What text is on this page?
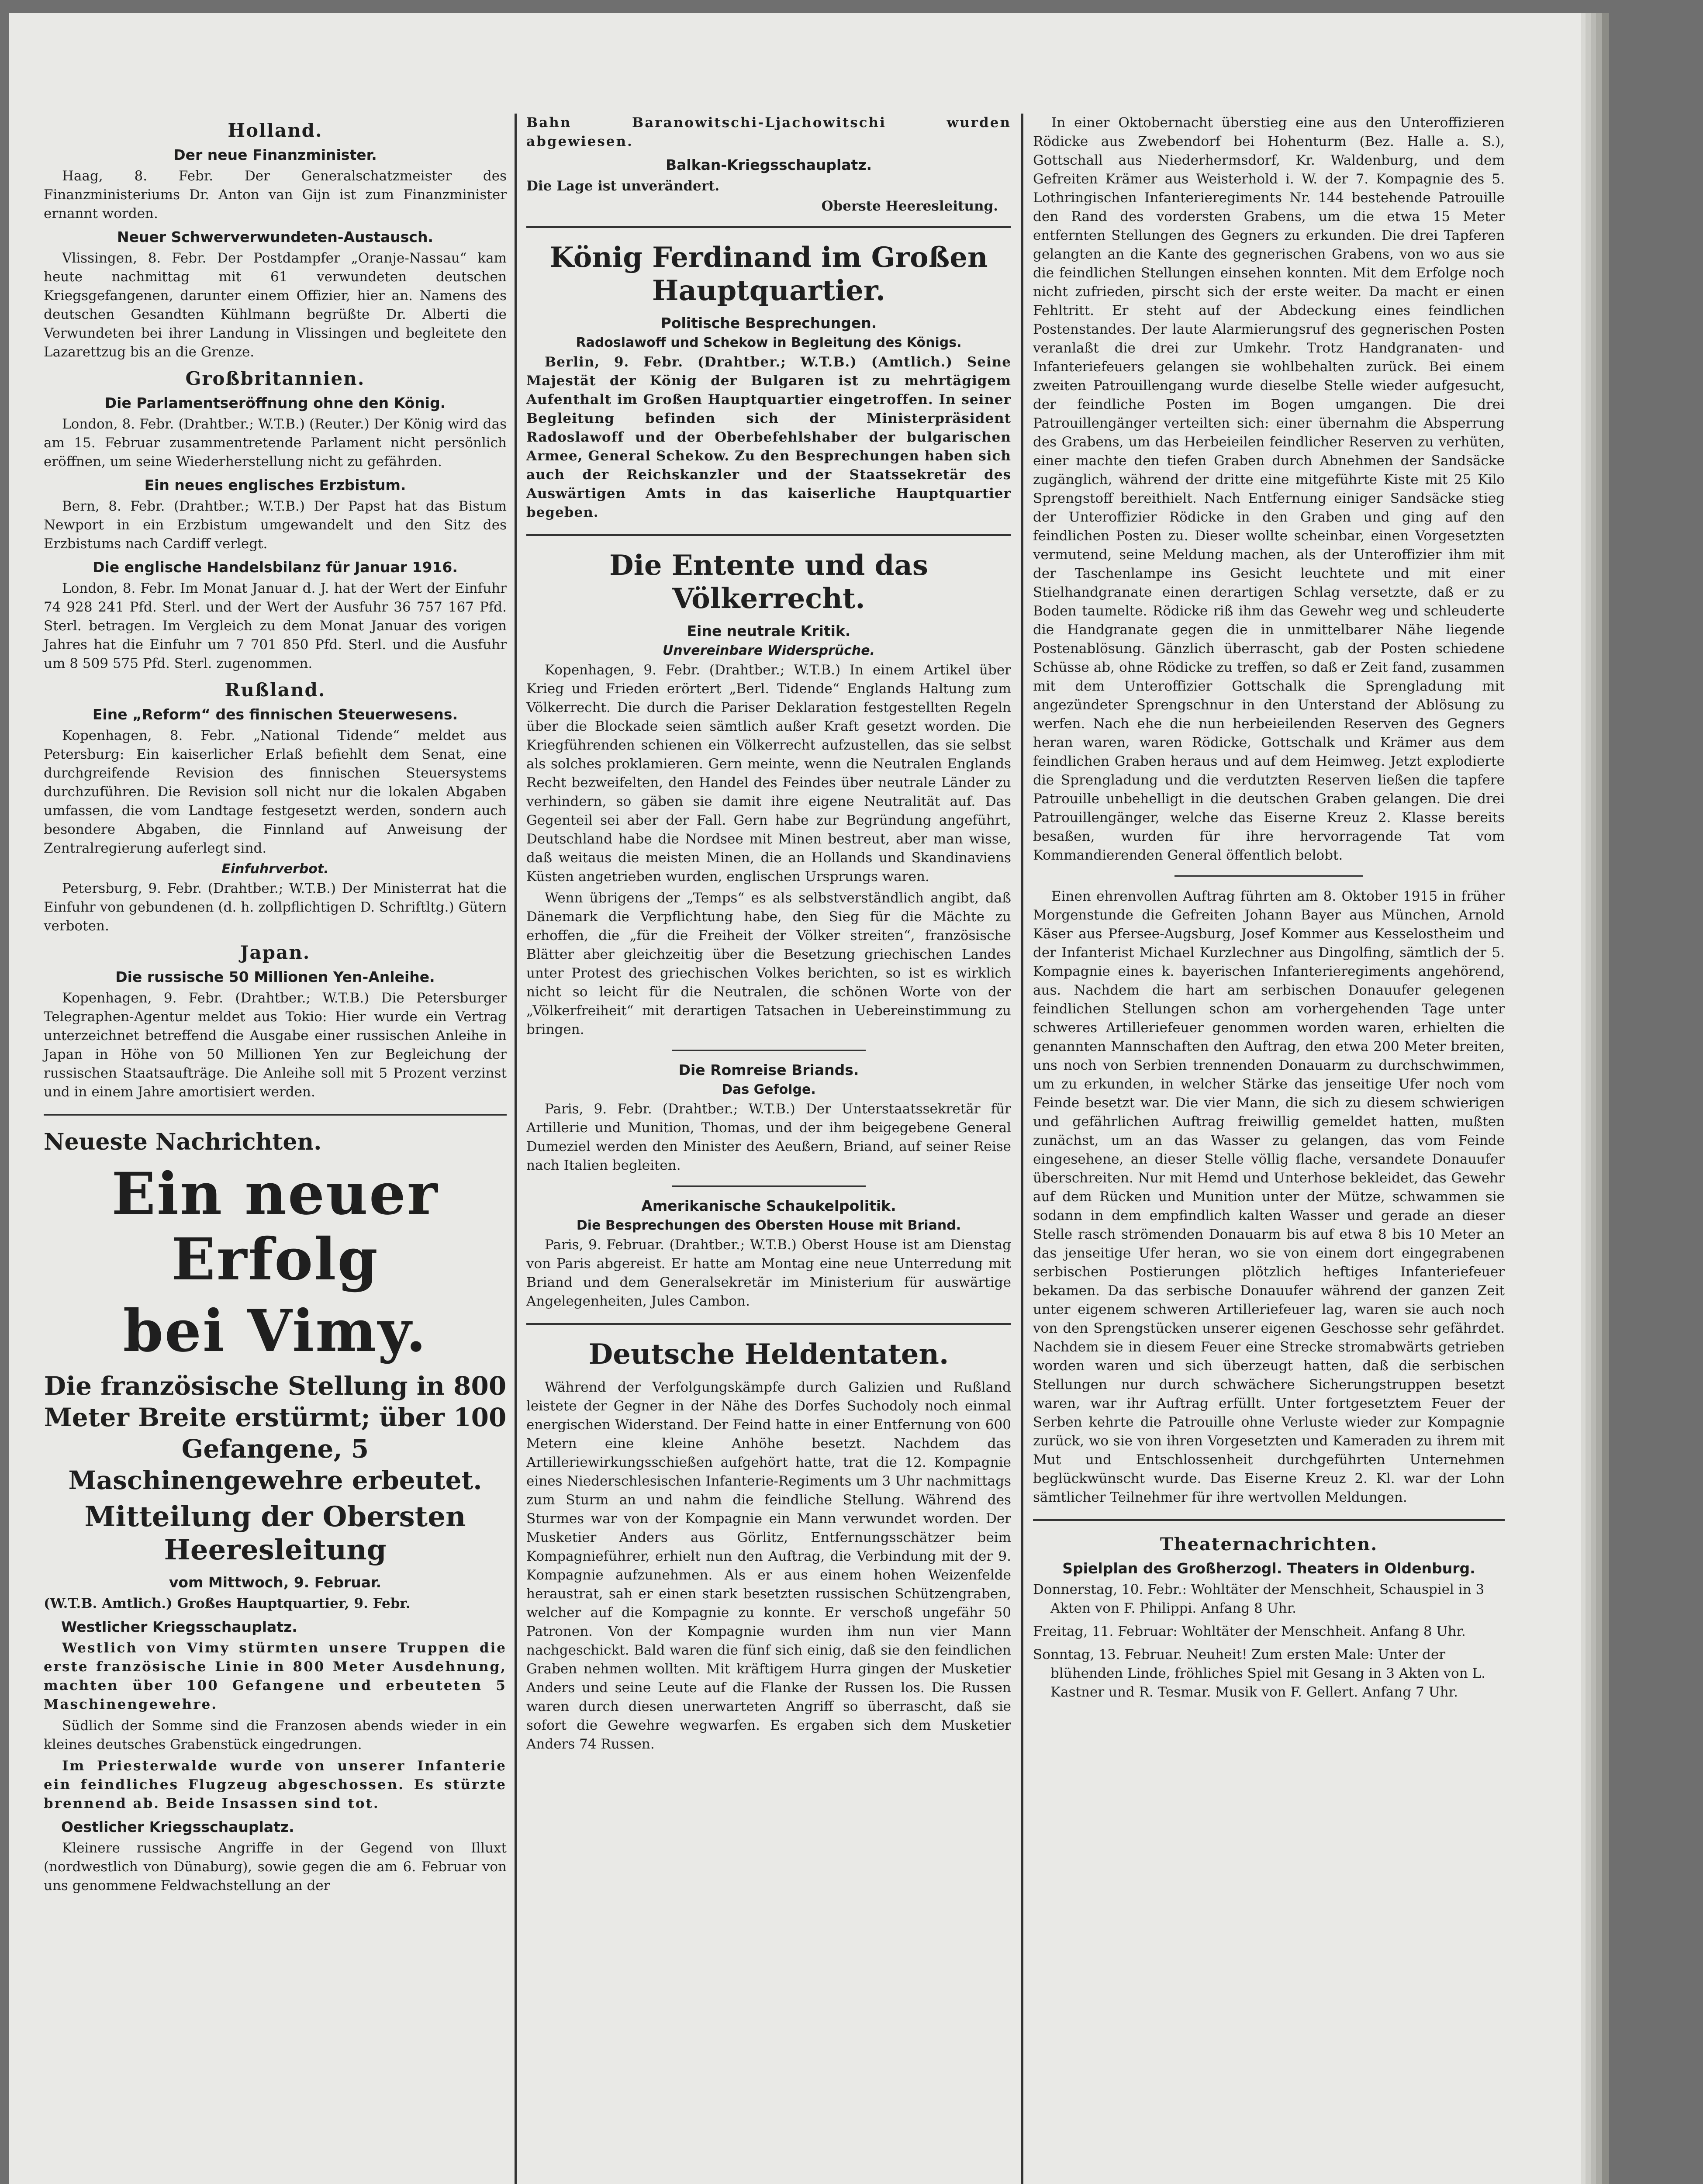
Holland.
Der neue Finanzminister.

Haag, 8. Febr. Der Generalschatzmeister des Finanzministeriums Dr. Anton van Gijn ist zum Finanzminister ernannt worden.

Neuer Schwerverwundeten-Austausch.

Vlissingen, 8. Febr. Der Postdampfer „Oranje-Nassau“ kam heute nachmittag mit 61 verwundeten deutschen Kriegsgefangenen, darunter einem Offizier, hier an. Namens des deutschen Gesandten Kühlmann begrüßte Dr. Alberti die Verwundeten bei ihrer Landung in Vlissingen und begleitete den Lazarettzug bis an die Grenze.

Großbritannien.
Die Parlamentseröffnung ohne den König.

London, 8. Febr. (Drahtber.; W.T.B.) (Reuter.) Der König wird das am 15. Februar zusammentretende Parlament nicht persönlich eröffnen, um seine Wiederherstellung nicht zu gefährden.

Ein neues englisches Erzbistum.

Bern, 8. Febr. (Drahtber.; W.T.B.) Der Papst hat das Bistum Newport in ein Erzbistum umgewandelt und den Sitz des Erzbistums nach Cardiff verlegt.

Die englische Handelsbilanz für Januar 1916.

London, 8. Febr. Im Monat Januar d. J. hat der Wert der Einfuhr 74 928 241 Pfd. Sterl. und der Wert der Ausfuhr 36 757 167 Pfd. Sterl. betragen. Im Vergleich zu dem Monat Januar des vorigen Jahres hat die Einfuhr um 7 701 850 Pfd. Sterl. und die Ausfuhr um 8 509 575 Pfd. Sterl. zugenommen.

Rußland.
Eine „Reform“ des finnischen Steuerwesens.

Kopenhagen, 8. Febr. „National Tidende“ meldet aus Petersburg: Ein kaiserlicher Erlaß befiehlt dem Senat, eine durchgreifende Revision des finnischen Steuersystems durchzuführen. Die Revision soll nicht nur die lokalen Abgaben umfassen, die vom Landtage festgesetzt werden, sondern auch besondere Abgaben, die Finnland auf Anweisung der Zentralregierung auferlegt sind.

Einfuhrverbot.

Petersburg, 9. Febr. (Drahtber.; W.T.B.) Der Ministerrat hat die Einfuhr von gebundenen (d. h. zollpflichtigen D. Schriftltg.) Gütern verboten.

Japan.
Die russische 50 Millionen Yen-Anleihe.

Kopenhagen, 9. Febr. (Drahtber.; W.T.B.) Die Petersburger Telegraphen-Agentur meldet aus Tokio: Hier wurde ein Vertrag unterzeichnet betreffend die Ausgabe einer russischen Anleihe in Japan in Höhe von 50 Millionen Yen zur Begleichung der russischen Staatsaufträge. Die Anleihe soll mit 5 Prozent verzinst und in einem Jahre amortisiert werden.

Neueste Nachrichten.
Ein neuer Erfolg
bei Vimy.
Die französische Stellung in 800 Meter Breite erstürmt; über 100 Gefangene, 5 Maschinengewehre erbeutet.
Mitteilung der Obersten Heeresleitung
vom Mittwoch, 9. Februar.

(W.T.B. Amtlich.) Großes Hauptquartier, 9. Febr.

Westlicher Kriegsschauplatz.

Westlich von Vimy stürmten unsere Truppen die erste französische Linie in 800 Meter Ausdehnung, machten über 100 Gefangene und erbeuteten 5 Maschinengewehre.

Südlich der Somme sind die Franzosen abends wieder in ein kleines deutsches Grabenstück eingedrungen.

Im Priesterwalde wurde von unserer Infanterie ein feindliches Flugzeug abgeschossen. Es stürzte brennend ab. Beide Insassen sind tot.

Oestlicher Kriegsschauplatz.

Kleinere russische Angriffe in der Gegend von Illuxt (nordwestlich von Dünaburg), sowie gegen die am 6. Februar von uns genommene Feldwachstellung an der

Bahn Baranowitschi-Ljachowitschi wurden abgewiesen.

Balkan-Kriegsschauplatz.

Die Lage ist unverändert.

Oberste Heeresleitung.
König Ferdinand im Großen Hauptquartier.
Politische Besprechungen.
Radoslawoff und Schekow in Begleitung des Königs.

Berlin, 9. Febr. (Drahtber.; W.T.B.) (Amtlich.) Seine Majestät der König der Bulgaren ist zu mehrtägigem Aufenthalt im Großen Hauptquartier eingetroffen. In seiner Begleitung befinden sich der Ministerpräsident Radoslawoff und der Oberbefehlshaber der bulgarischen Armee, General Schekow. Zu den Besprechungen haben sich auch der Reichskanzler und der Staatssekretär des Auswärtigen Amts in das kaiserliche Hauptquartier begeben.

Die Entente und das Völkerrecht.
Eine neutrale Kritik.
Unvereinbare Widersprüche.

Kopenhagen, 9. Febr. (Drahtber.; W.T.B.) In einem Artikel über Krieg und Frieden erörtert „Berl. Tidende“ Englands Haltung zum Völkerrecht. Die durch die Pariser Deklaration festgestellten Regeln über die Blockade seien sämtlich außer Kraft gesetzt worden. Die Kriegführenden schienen ein Völkerrecht aufzustellen, das sie selbst als solches proklamieren. Gern meinte, wenn die Neutralen Englands Recht bezweifelten, den Handel des Feindes über neutrale Länder zu verhindern, so gäben sie damit ihre eigene Neutralität auf. Das Gegenteil sei aber der Fall. Gern habe zur Begründung angeführt, Deutschland habe die Nordsee mit Minen bestreut, aber man wisse, daß weitaus die meisten Minen, die an Hollands und Skandinaviens Küsten angetrieben wurden, englischen Ursprungs waren.

Wenn übrigens der „Temps“ es als selbstverständlich angibt, daß Dänemark die Verpflichtung habe, den Sieg für die Mächte zu erhoffen, die „für die Freiheit der Völker streiten“, französische Blätter aber gleichzeitig über die Besetzung griechischen Landes unter Protest des griechischen Volkes berichten, so ist es wirklich nicht so leicht für die Neutralen, die schönen Worte von der „Völkerfreiheit“ mit derartigen Tatsachen in Uebereinstimmung zu bringen.

Die Romreise Briands.
Das Gefolge.

Paris, 9. Febr. (Drahtber.; W.T.B.) Der Unterstaatssekretär für Artillerie und Munition, Thomas, und der ihm beigegebene General Dumeziel werden den Minister des Aeußern, Briand, auf seiner Reise nach Italien begleiten.

Amerikanische Schaukelpolitik.
Die Besprechungen des Obersten House mit Briand.

Paris, 9. Februar. (Drahtber.; W.T.B.) Oberst House ist am Dienstag von Paris abgereist. Er hatte am Montag eine neue Unterredung mit Briand und dem Generalsekretär im Ministerium für auswärtige Angelegenheiten, Jules Cambon.

Deutsche Heldentaten.

Während der Verfolgungskämpfe durch Galizien und Rußland leistete der Gegner in der Nähe des Dorfes Suchodoly noch einmal energischen Widerstand. Der Feind hatte in einer Entfernung von 600 Metern eine kleine Anhöhe besetzt. Nachdem das Artilleriewirkungsschießen aufgehört hatte, trat die 12. Kompagnie eines Niederschlesischen Infanterie-Regiments um 3 Uhr nachmittags zum Sturm an und nahm die feindliche Stellung. Während des Sturmes war von der Kompagnie ein Mann verwundet worden. Der Musketier Anders aus Görlitz, Entfernungsschätzer beim Kompagnieführer, erhielt nun den Auftrag, die Verbindung mit der 9. Kompagnie aufzunehmen. Als er aus einem hohen Weizenfelde heraustrat, sah er einen stark besetzten russischen Schützengraben, welcher auf die Kompagnie zu konnte. Er verschoß ungefähr 50 Patronen. Von der Kompagnie wurden ihm nun vier Mann nachgeschickt. Bald waren die fünf sich einig, daß sie den feindlichen Graben nehmen wollten. Mit kräftigem Hurra gingen der Musketier Anders und seine Leute auf die Flanke der Russen los. Die Russen waren durch diesen unerwarteten Angriff so überrascht, daß sie sofort die Gewehre wegwarfen. Es ergaben sich dem Musketier Anders 74 Russen.

In einer Oktobernacht überstieg eine aus den Unteroffizieren Rödicke aus Zwebendorf bei Hohenturm (Bez. Halle a. S.), Gottschall aus Niederhermsdorf, Kr. Waldenburg, und dem Gefreiten Krämer aus Weisterhold i. W. der 7. Kompagnie des 5. Lothringischen Infanterieregiments Nr. 144 bestehende Patrouille den Rand des vordersten Grabens, um die etwa 15 Meter entfernten Stellungen des Gegners zu erkunden. Die drei Tapferen gelangten an die Kante des gegnerischen Grabens, von wo aus sie die feindlichen Stellungen einsehen konnten. Mit dem Erfolge noch nicht zufrieden, pirscht sich der erste weiter. Da macht er einen Fehltritt. Er steht auf der Abdeckung eines feindlichen Postenstandes. Der laute Alarmierungsruf des gegnerischen Posten veranlaßt die drei zur Umkehr. Trotz Handgranaten- und Infanteriefeuers gelangen sie wohlbehalten zurück. Bei einem zweiten Patrouillengang wurde dieselbe Stelle wieder aufgesucht, der feindliche Posten im Bogen umgangen. Die drei Patrouillengänger verteilten sich: einer übernahm die Absperrung des Grabens, um das Herbeieilen feindlicher Reserven zu verhüten, einer machte den tiefen Graben durch Abnehmen der Sandsäcke zugänglich, während der dritte eine mitgeführte Kiste mit 25 Kilo Sprengstoff bereithielt. Nach Entfernung einiger Sandsäcke stieg der Unteroffizier Rödicke in den Graben und ging auf den feindlichen Posten zu. Dieser wollte scheinbar, einen Vorgesetzten vermutend, seine Meldung machen, als der Unteroffizier ihm mit der Taschenlampe ins Gesicht leuchtete und mit einer Stielhandgranate einen derartigen Schlag versetzte, daß er zu Boden taumelte. Rödicke riß ihm das Gewehr weg und schleuderte die Handgranate gegen die in unmittelbarer Nähe liegende Postenablösung. Gänzlich überrascht, gab der Posten schiedene Schüsse ab, ohne Rödicke zu treffen, so daß er Zeit fand, zusammen mit dem Unteroffizier Gottschalk die Sprengladung mit angezündeter Sprengschnur in den Unterstand der Ablösung zu werfen. Nach ehe die nun herbeieilenden Reserven des Gegners heran waren, waren Rödicke, Gottschalk und Krämer aus dem feindlichen Graben heraus und auf dem Heimweg. Jetzt explodierte die Sprengladung und die verdutzten Reserven ließen die tapfere Patrouille unbehelligt in die deutschen Graben gelangen. Die drei Patrouillengänger, welche das Eiserne Kreuz 2. Klasse bereits besaßen, wurden für ihre hervorragende Tat vom Kommandierenden General öffentlich belobt.

Einen ehrenvollen Auftrag führten am 8. Oktober 1915 in früher Morgenstunde die Gefreiten Johann Bayer aus München, Arnold Käser aus Pfersee-Augsburg, Josef Kommer aus Kesselostheim und der Infanterist Michael Kurzlechner aus Dingolfing, sämtlich der 5. Kompagnie eines k. bayerischen Infanterieregiments angehörend, aus. Nachdem die hart am serbischen Donauufer gelegenen feindlichen Stellungen schon am vorhergehenden Tage unter schweres Artilleriefeuer genommen worden waren, erhielten die genannten Mannschaften den Auftrag, den etwa 200 Meter breiten, uns noch von Serbien trennenden Donauarm zu durchschwimmen, um zu erkunden, in welcher Stärke das jenseitige Ufer noch vom Feinde besetzt war. Die vier Mann, die sich zu diesem schwierigen und gefährlichen Auftrag freiwillig gemeldet hatten, mußten zunächst, um an das Wasser zu gelangen, das vom Feinde eingesehene, an dieser Stelle völlig flache, versandete Donauufer überschreiten. Nur mit Hemd und Unterhose bekleidet, das Gewehr auf dem Rücken und Munition unter der Mütze, schwammen sie sodann in dem empfindlich kalten Wasser und gerade an dieser Stelle rasch strömenden Donauarm bis auf etwa 8 bis 10 Meter an das jenseitige Ufer heran, wo sie von einem dort eingegrabenen serbischen Postierungen plötzlich heftiges Infanteriefeuer bekamen. Da das serbische Donauufer während der ganzen Zeit unter eigenem schweren Artilleriefeuer lag, waren sie auch noch von den Sprengstücken unserer eigenen Geschosse sehr gefährdet. Nachdem sie in diesem Feuer eine Strecke stromabwärts getrieben worden waren und sich überzeugt hatten, daß die serbischen Stellungen nur durch schwächere Sicherungstruppen besetzt waren, war ihr Auftrag erfüllt. Unter fortgesetztem Feuer der Serben kehrte die Patrouille ohne Verluste wieder zur Kompagnie zurück, wo sie von ihren Vorgesetzten und Kameraden zu ihrem mit Mut und Entschlossenheit durchgeführten Unternehmen beglückwünscht wurde. Das Eiserne Kreuz 2. Kl. war der Lohn sämtlicher Teilnehmer für ihre wertvollen Meldungen.

Theaternachrichten.
Spielplan des Großherzogl. Theaters in Oldenburg.
Donnerstag, 10. Febr.: Wohltäter der Menschheit, Schauspiel in 3 Akten von F. Philippi. Anfang 8 Uhr.
Freitag, 11. Februar: Wohltäter der Menschheit. Anfang 8 Uhr.
Sonntag, 13. Februar. Neuheit! Zum ersten Male: Unter der blühenden Linde, fröhliches Spiel mit Gesang in 3 Akten von L. Kastner und R. Tesmar. Musik von F. Gellert. Anfang 7 Uhr.
